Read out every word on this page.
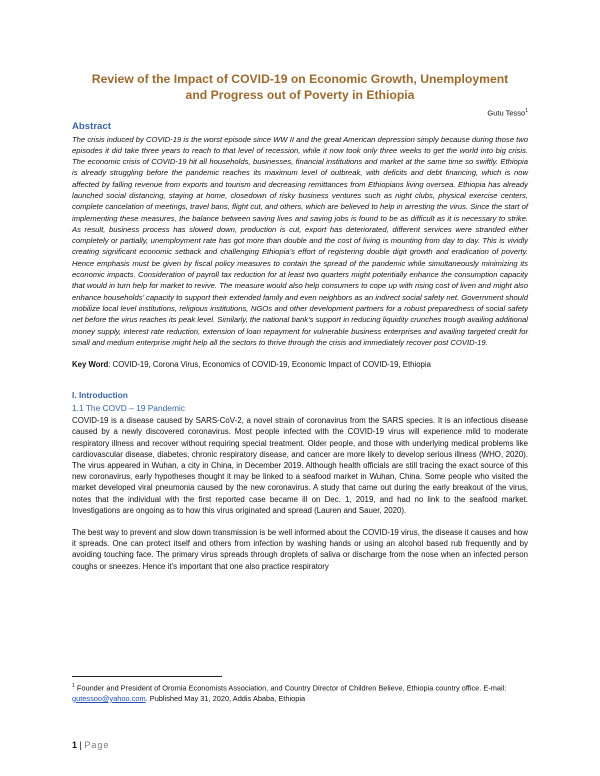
Review of the Impact of COVID-19 on Economic Growth, Unemployment and Progress out of Poverty in Ethiopia
Gutu Tesso$^1$
Abstract

The crisis induced by COVID-19 is the worst episode since WW II and the great American depression simply because during those two episodes it did take three years to reach to that level of recession, while it now took only three weeks to get the world into big crisis. The economic crisis of COVID-19 hit all households, businesses, financial institutions and market at the same time so swiftly. Ethiopia is already struggling before the pandemic reaches its maximum level of outbreak, with deficits and debt financing, which is now affected by falling revenue from exports and tourism and decreasing remittances from Ethiopians living oversea. Ethiopia has already launched social distancing, staying at home, closedown of risky business ventures such as night clubs, physical exercise centers, complete cancelation of meetings, travel bans, flight cut, and others, which are believed to help in arresting the virus. Since the start of implementing these measures, the balance between saving lives and saving jobs is found to be as difficult as it is necessary to strike. As result, business process has slowed down, production is cut, export has deteriorated, different services were stranded either completely or partially, unemployment rate has got more than double and the cost of living is mounting from day to day. This is vividly creating significant economic setback and challenging Ethiopia’s effort of registering double digit growth and eradication of poverty. Hence emphasis must be given by fiscal policy measures to contain the spread of the pandemic while simultaneously minimizing its economic impacts. Consideration of payroll tax reduction for at least two quarters might potentially enhance the consumption capacity that would in turn help for market to revive. The measure would also help consumers to cope up with rising cost of liven and might also enhance households’ capacity to support their extended family and even neighbors as an indirect social safety net. Government should mobilize local level institutions, religious institutions, NGOs and other development partners for a robust preparedness of social safety net before the virus reaches its peak level. Similarly, the national bank’s support in reducing liquidity crunches trough availing additional money supply, interest rate reduction, extension of loan repayment for vulnerable business enterprises and availing targeted credit for small and medium enterprise might help all the sectors to thrive through the crisis and immediately recover post COVID-19.

Key Word: COVID-19, Corona Virus, Economics of COVID-19, Economic Impact of COVID-19, Ethiopia
I. Introduction
1.1 The COVD – 19 Pandemic

COVID-19 is a disease caused by SARS-CoV-2, a novel strain of coronavirus from the SARS species. It is an infectious disease caused by a newly discovered coronavirus. Most people infected with the COVID-19 virus will experience mild to moderate respiratory illness and recover without requiring special treatment. Older people, and those with underlying medical problems like cardiovascular disease, diabetes, chronic respiratory disease, and cancer are more likely to develop serious illness (WHO, 2020). The virus appeared in Wuhan, a city in China, in December 2019. Although health officials are still tracing the exact source of this new coronavirus, early hypotheses thought it may be linked to a seafood market in Wuhan, China. Some people who visited the market developed viral pneumonia caused by the new coronavirus. A study that came out during the early breakout of the virus, notes that the individual with the first reported case became ill on Dec. 1, 2019, and had no link to the seafood market. Investigations are ongoing as to how this virus originated and spread (Lauren and Sauer, 2020).

The best way to prevent and slow down transmission is be well informed about the COVID-19 virus, the disease it causes and how it spreads. One can protect itself and others from infection by washing hands or using an alcohol based rub frequently and by avoiding touching face. The primary virus spreads through droplets of saliva or discharge from the nose when an infected person coughs or sneezes. Hence it’s important that one also practice respiratory

$^1$ Founder and President of Oromia Economists Association, and Country Director of Children Believe, Ethiopia country office. E-mail: gutessoo@yahoo.com. Published May 31, 2020, Addis Ababa, Ethiopia
1 | Page
